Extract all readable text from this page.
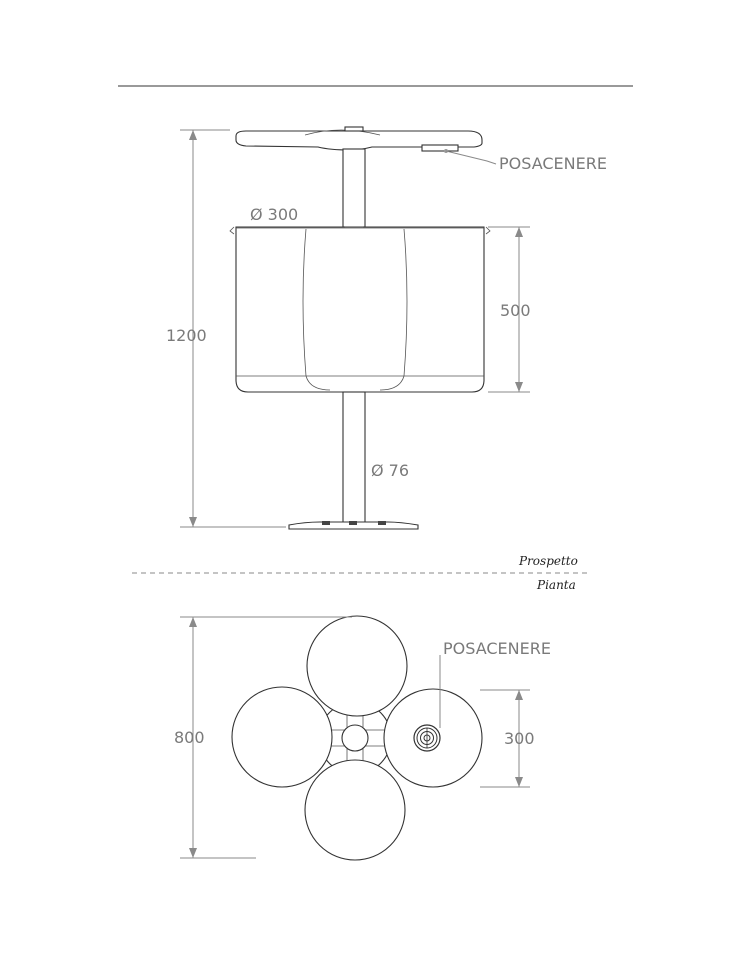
POSACENERE
Ø 300
1200
500
Ø 76
Prospetto
Pianta
POSACENERE
800	300
